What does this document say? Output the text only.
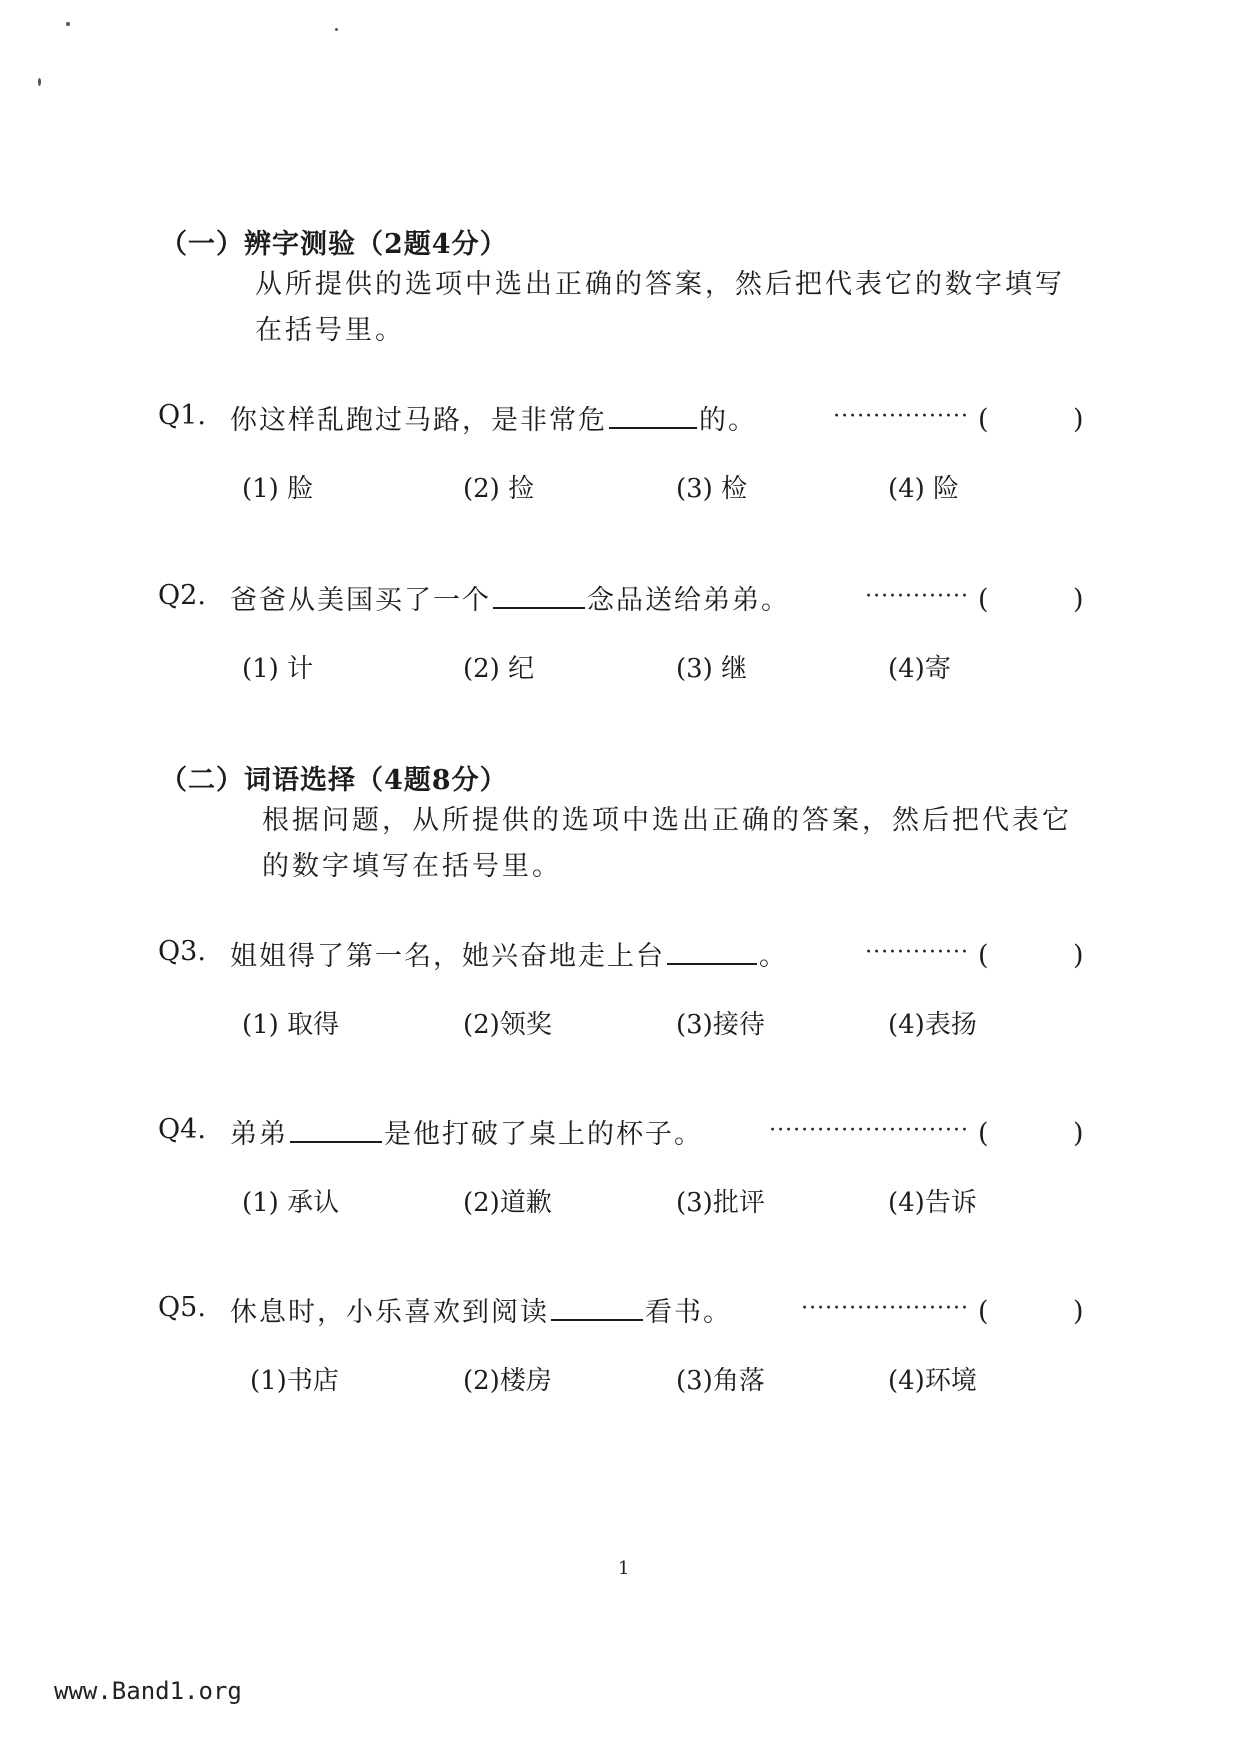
（一）辨字测验（2题4分）
从所提供的选项中选出正确的答案，然后把代表它的数字填写在括号里。
Q1. 你这样乱跑过马路，是非常危	的。	················· (	)
(1) 脸	(2) 捡	(3) 检	(4) 险
Q2. 爸爸从美国买了一个	念品送给弟弟。	············· (	)
(1) 计	(2) 纪	(3) 继	(4)寄
（二）词语选择（4题8分）
根据问题，从所提供的选项中选出正确的答案，然后把代表它的数字填写在括号里。
Q3. 姐姐得了第一名，她兴奋地走上台	。	············· (	)
(1) 取得	(2)领奖	(3)接待	(4)表扬
Q4. 弟弟	是他打破了桌上的杯子。	························· (	)
(1) 承认	(2)道歉	(3)批评	(4)告诉
Q5. 休息时，小乐喜欢到阅读	看书。	····················· (	)
(1)书店	(2)楼房	(3)角落	(4)环境
1
www.Band1.org
